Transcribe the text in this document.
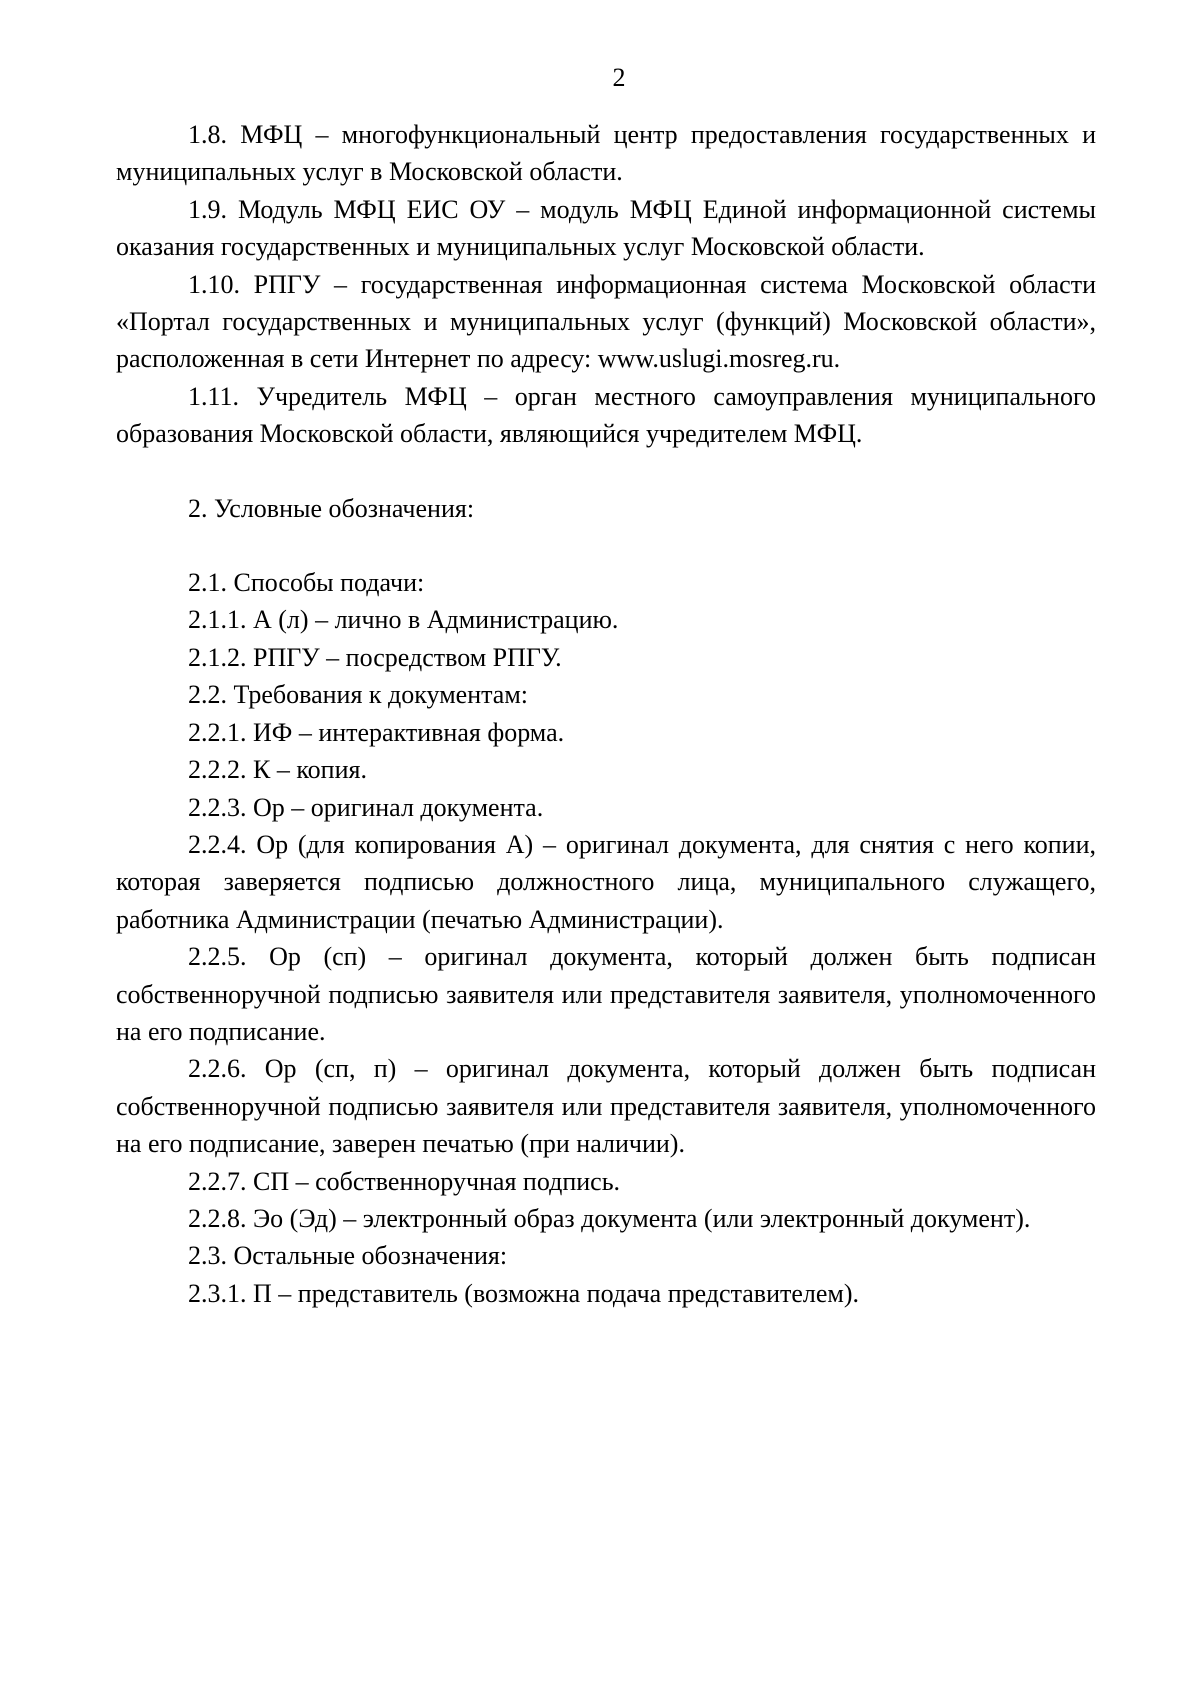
2

1.8. МФЦ – многофункциональный центр предоставления государственных и муниципальных услуг в Московской области.

1.9. Модуль МФЦ ЕИС ОУ – модуль МФЦ Единой информационной системы оказания государственных и муниципальных услуг Московской области.

1.10. РПГУ – государственная информационная система Московской области «Портал государственных и муниципальных услуг (функций) Московской области», расположенная в сети Интернет по адресу: www.uslugi.mosreg.ru.

1.11. Учредитель МФЦ – орган местного самоуправления муниципального образования Московской области, являющийся учредителем МФЦ.

2. Условные обозначения:

2.1. Способы подачи:

2.1.1. А (л) – лично в Администрацию.

2.1.2. РПГУ – посредством РПГУ.

2.2. Требования к документам:

2.2.1. ИФ – интерактивная форма.

2.2.2. К – копия.

2.2.3. Ор – оригинал документа.

2.2.4. Ор (для копирования А) – оригинал документа, для снятия с него копии, которая заверяется подписью должностного лица, муниципального служащего, работника Администрации (печатью Администрации).

2.2.5. Ор (сп) – оригинал документа, который должен быть подписан собственноручной подписью заявителя или представителя заявителя, уполномоченного на его подписание.

2.2.6. Ор (сп, п) – оригинал документа, который должен быть подписан собственноручной подписью заявителя или представителя заявителя, уполномоченного на его подписание, заверен печатью (при наличии).

2.2.7. СП – собственноручная подпись.

2.2.8. Эо (Эд) – электронный образ документа (или электронный документ).

2.3. Остальные обозначения:

2.3.1. П – представитель (возможна подача представителем).
